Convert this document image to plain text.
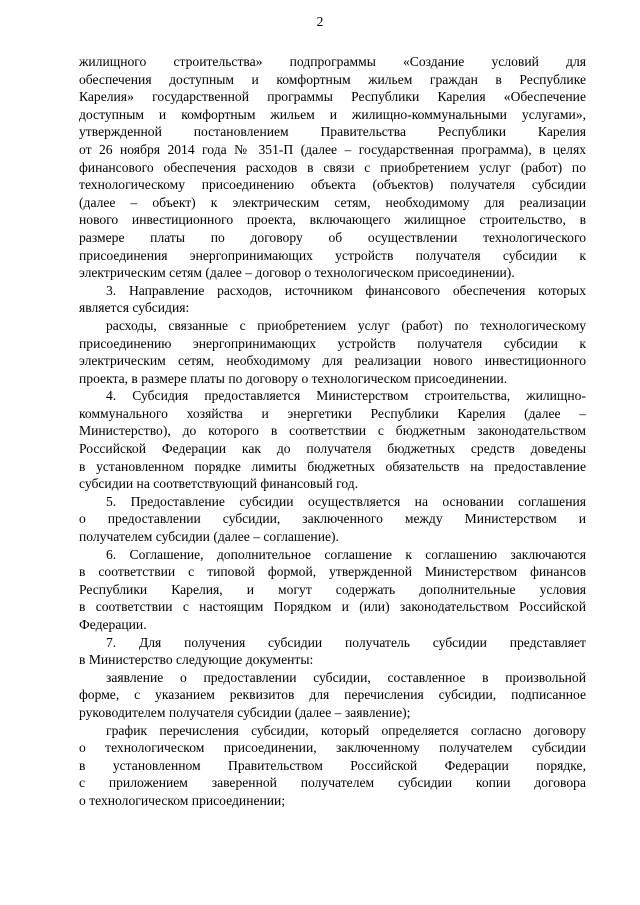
2
жилищного строительства» подпрограммы «Создание условий для
обеспечения доступным и комфортным жильем граждан в Республике
Карелия» государственной программы Республики Карелия «Обеспечение
доступным и комфортным жильем и жилищно-коммунальными услугами»,
утвержденной постановлением Правительства Республики Карелия
от 26 ноября 2014 года № 351-П (далее – государственная программа), в целях
финансового обеспечения расходов в связи с приобретением услуг (работ) по
технологическому присоединению объекта (объектов) получателя субсидии
(далее – объект) к электрическим сетям, необходимому для реализации
нового инвестиционного проекта, включающего жилищное строительство, в
размере платы по договору об осуществлении технологического
присоединения энергопринимающих устройств получателя субсидии к
электрическим сетям (далее – договор о технологическом присоединении).
3. Направление расходов, источником финансового обеспечения которых
является субсидия:
расходы, связанные с приобретением услуг (работ) по технологическому
присоединению энергопринимающих устройств получателя субсидии к
электрическим сетям, необходимому для реализации нового инвестиционного
проекта, в размере платы по договору о технологическом присоединении.
4. Субсидия предоставляется Министерством строительства, жилищно-
коммунального хозяйства и энергетики Республики Карелия (далее –
Министерство), до которого в соответствии с бюджетным законодательством
Российской Федерации как до получателя бюджетных средств доведены
в установленном порядке лимиты бюджетных обязательств на предоставление
субсидии на соответствующий финансовый год.
5. Предоставление субсидии осуществляется на основании соглашения
о предоставлении субсидии, заключенного между Министерством и
получателем субсидии (далее – соглашение).
6. Соглашение, дополнительное соглашение к соглашению заключаются
в соответствии с типовой формой, утвержденной Министерством финансов
Республики Карелия, и могут содержать дополнительные условия
в соответствии с настоящим Порядком и (или) законодательством Российской
Федерации.
7. Для получения субсидии получатель субсидии представляет
в Министерство следующие документы:
заявление о предоставлении субсидии, составленное в произвольной
форме, с указанием реквизитов для перечисления субсидии, подписанное
руководителем получателя субсидии (далее – заявление);
график перечисления субсидии, который определяется согласно договору
о технологическом присоединении, заключенному получателем субсидии
в установленном Правительством Российской Федерации порядке,
с приложением заверенной получателем субсидии копии договора
о технологическом присоединении;
